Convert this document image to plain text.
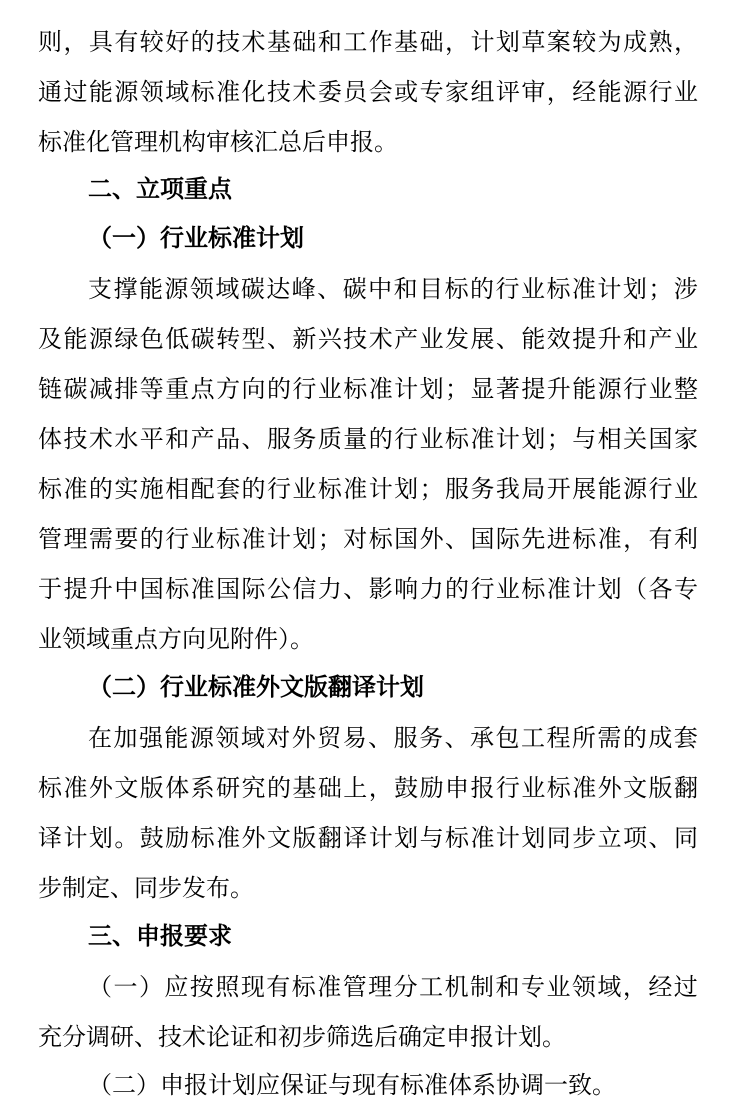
则 ， 具 有 较 好 的 技 术 基 础 和 工 作 基 础 ， 计 划 草 案 较 为 成 熟 ，
通 过 能 源 领 域 标 准 化 技 术 委 员 会 或 专 家 组 评 审 ， 经 能 源 行 业
标准化管理机构审核汇总后申报。
二、立项重点
（一）行业标准计划
支 撑 能 源 领 域 碳 达 峰 、 碳 中 和 目 标 的 行 业 标 准 计 划 ； 涉
及 能 源 绿 色 低 碳 转 型 、 新 兴 技 术 产 业 发 展 、 能 效 提 升 和 产 业
链 碳 减 排 等 重 点 方 向 的 行 业 标 准 计 划 ； 显 著 提 升 能 源 行 业 整
体 技 术 水 平 和 产 品 、 服 务 质 量 的 行 业 标 准 计 划 ； 与 相 关 国 家
标 准 的 实 施 相 配 套 的 行 业 标 准 计 划 ； 服 务 我 局 开 展 能 源 行 业
管 理 需 要 的 行 业 标 准 计 划 ； 对 标 国 外 、 国 际 先 进 标 准 ， 有 利
于 提 升 中 国 标 准 国 际 公 信 力 、 影 响 力 的 行 业 标 准 计 划 （ 各 专
业领域重点方向见附件）。
（二）行业标准外文版翻译计划
在 加 强 能 源 领 域 对 外 贸 易 、 服 务 、 承 包 工 程 所 需 的 成 套
标 准 外 文 版 体 系 研 究 的 基 础 上 ， 鼓 励 申 报 行 业 标 准 外 文 版 翻
译 计 划 。 鼓 励 标 准 外 文 版 翻 译 计 划 与 标 准 计 划 同 步 立 项 、 同
步制定、同步发布。
三、申报要求
（ 一 ） 应 按 照 现 有 标 准 管 理 分 工 机 制 和 专 业 领 域 ， 经 过
充分调研、技术论证和初步筛选后确定申报计划。
（二）申报计划应保证与现有标准体系协调一致。
